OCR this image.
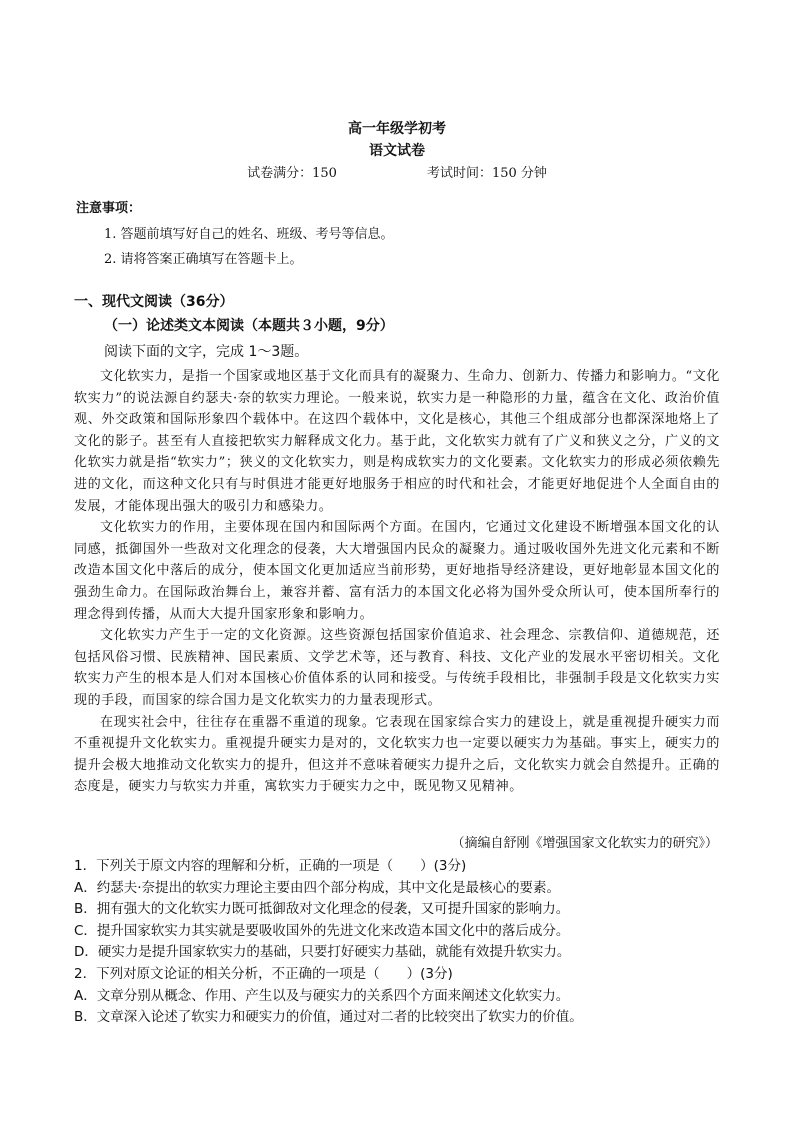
高一年级学初考
语文试卷
试卷满分：150	考试时间：150 分钟
注意事项：
1. 答题前填写好自己的姓名、班级、考号等信息。
2. 请将答案正确填写在答题卡上。
一、现代文阅读（36分）
（一）论述类文本阅读（本题共３小题，9分）
阅读下面的文字，完成 1～3题。

文化软实力，是指一个国家或地区基于文化而具有的凝聚力、生命力、创新力、传播力和影响力。“文化软实力”的说法源自约瑟夫·奈的软实力理论。一般来说，软实力是一种隐形的力量，蕴含在文化、政治价值观、外交政策和国际形象四个载体中。在这四个载体中，文化是核心，其他三个组成部分也都深深地烙上了文化的影子。甚至有人直接把软实力解释成文化力。基于此，文化软实力就有了广义和狭义之分，广义的文化软实力就是指“软实力”；狭义的文化软实力，则是构成软实力的文化要素。文化软实力的形成必须依赖先进的文化，而这种文化只有与时俱进才能更好地服务于相应的时代和社会，才能更好地促进个人全面自由的发展，才能体现出强大的吸引力和感染力。

文化软实力的作用，主要体现在国内和国际两个方面。在国内，它通过文化建设不断增强本国文化的认同感，抵御国外一些敌对文化理念的侵袭，大大增强国内民众的凝聚力。通过吸收国外先进文化元素和不断改造本国文化中落后的成分，使本国文化更加适应当前形势，更好地指导经济建设，更好地彰显本国文化的强劲生命力。在国际政治舞台上，兼容并蓄、富有活力的本国文化必将为国外受众所认可，使本国所奉行的理念得到传播，从而大大提升国家形象和影响力。

文化软实力产生于一定的文化资源。这些资源包括国家价值追求、社会理念、宗教信仰、道德规范，还包括风俗习惯、民族精神、国民素质、文学艺术等，还与教育、科技、文化产业的发展水平密切相关。文化软实力产生的根本是人们对本国核心价值体系的认同和接受。与传统手段相比，非强制手段是文化软实力实现的手段，而国家的综合国力是文化软实力的力量表现形式。

在现实社会中，往往存在重器不重道的现象。它表现在国家综合实力的建设上，就是重视提升硬实力而不重视提升文化软实力。重视提升硬实力是对的，文化软实力也一定要以硬实力为基础。事实上，硬实力的提升会极大地推动文化软实力的提升，但这并不意味着硬实力提升之后，文化软实力就会自然提升。正确的态度是，硬实力与软实力并重，寓软实力于硬实力之中，既见物又见精神。

（摘编自舒刚《增强国家文化软实力的研究》）
1．下列关于原文内容的理解和分析，正确的一项是（　　）(3分)
A．约瑟夫·奈提出的软实力理论主要由四个部分构成，其中文化是最核心的要素。
B．拥有强大的文化软实力既可抵御敌对文化理念的侵袭，又可提升国家的影响力。
C．提升国家软实力其实就是要吸收国外的先进文化来改造本国文化中的落后成分。
D．硬实力是提升国家软实力的基础，只要打好硬实力基础，就能有效提升软实力。
2．下列对原文论证的相关分析，不正确的一项是（　　）(3分)
A．文章分别从概念、作用、产生以及与硬实力的关系四个方面来阐述文化软实力。
B．文章深入论述了软实力和硬实力的价值，通过对二者的比较突出了软实力的价值。
